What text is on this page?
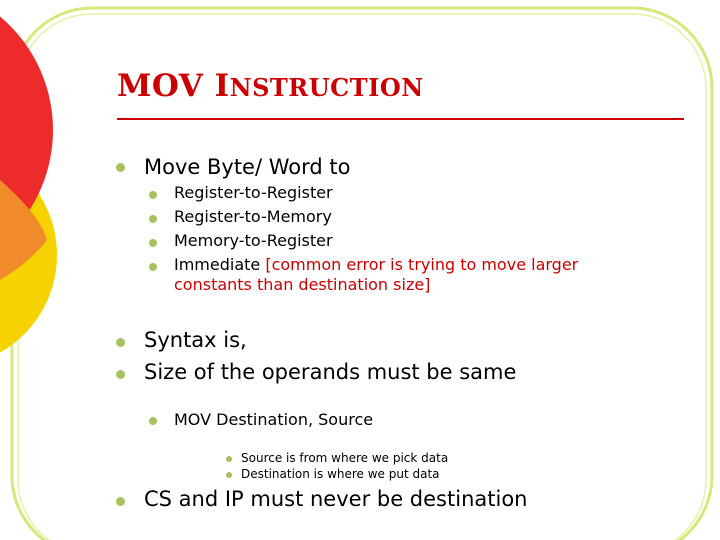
MOV INSTRUCTION
Move Byte/ Word to
Register-to-Register
Register-to-Memory
Memory-to-Register
Immediate [common error is trying to move larger
constants than destination size]
Syntax is,
Size of the operands must be same
MOV Destination, Source
Source is from where we pick data
Destination is where we put data
CS and IP must never be destination
